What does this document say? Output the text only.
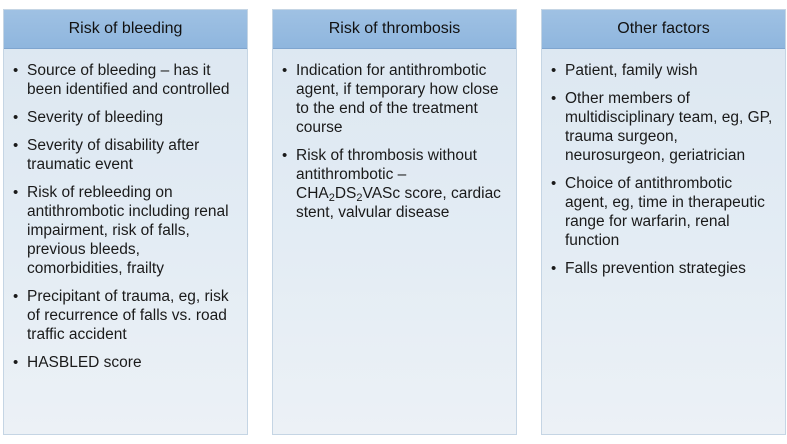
Risk of bleeding
• Source of bleeding – has it been identified and controlled
• Severity of bleeding
• Severity of disability after traumatic event
• Risk of rebleeding on antithrombotic including renal impairment, risk of falls, previous bleeds, comorbidities, frailty
• Precipitant of trauma, eg, risk of recurrence of falls vs. road traffic accident
• HASBLED score
Risk of thrombosis
• Indication for antithrombotic agent, if temporary how close to the end of the treatment course
• Risk of thrombosis without antithrombotic – $CHA_2DS_2VASc$ score, cardiac stent, valvular disease
Other factors
• Patient, family wish
• Other members of multidisciplinary team, eg, GP, trauma surgeon, neurosurgeon, geriatrician
• Choice of antithrombotic agent, eg, time in therapeutic range for warfarin, renal function
• Falls prevention strategies
